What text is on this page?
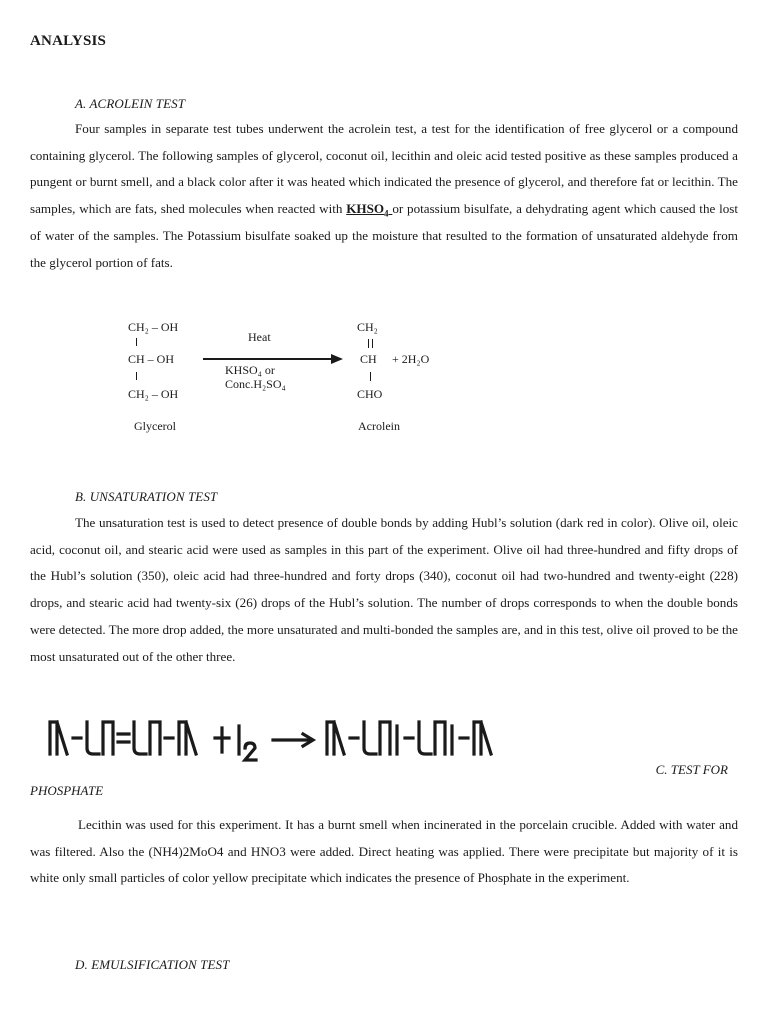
ANALYSIS
A. ACROLEIN TEST
Four samples in separate test tubes underwent the acrolein test, a test for the identification of free glycerol or a compound containing glycerol. The following samples of glycerol, coconut oil, lecithin and oleic acid tested positive as these samples produced a pungent or burnt smell, and a black color after it was heated which indicated the presence of glycerol, and therefore fat or lecithin. The samples, which are fats, shed molecules when reacted with $KHSO_4$ or potassium bisulfate, a dehydrating agent which caused the lost of water of the samples. The Potassium bisulfate soaked up the moisture that resulted to the formation of unsaturated aldehyde from the glycerol portion of fats.
CH₂ – OH
CH – OH
CH₂ – OH
Glycerol
Heat
KHSO₄ or
Conc.H₂SO₄
CH₂
CH + 2H₂O
CHO
Acrolein
B. UNSATURATION TEST
The unsaturation test is used to detect presence of double bonds by adding Hubl’s solution (dark red in color). Olive oil, oleic acid, coconut oil, and stearic acid were used as samples in this part of the experiment. Olive oil had three-hundred and fifty drops of the Hubl’s solution (350), oleic acid had three-hundred and forty drops (340), coconut oil had two-hundred and twenty-eight (228) drops, and stearic acid had twenty-six (26) drops of the Hubl’s solution. The number of drops corresponds to when the double bonds were detected. The more drop added, the more unsaturated and multi-bonded the samples are, and in this test, olive oil proved to be the most unsaturated out of the other three.
C. TEST FOR
PHOSPHATE
Lecithin was used for this experiment. It has a burnt smell when incinerated in the porcelain crucible. Added with water and was filtered. Also the (NH4)2MoO4 and HNO3 were added. Direct heating was applied. There were precipitate but majority of it is white only small particles of color yellow precipitate which indicates the presence of Phosphate in the experiment.
D. EMULSIFICATION TEST
